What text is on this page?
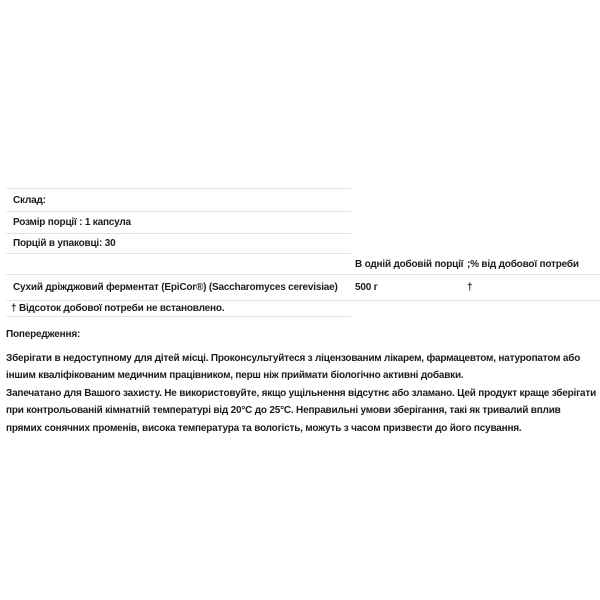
Склад:
Розмір порції : 1 капсула
Порцій в упаковці: 30
В одній добовій порції ;% від добової потреби
Сухий дріжджовий ферментат (EpiCor®) (Saccharomyces cerevisiae) 500 г	†
† Відсоток добової потреби не встановлено.

Попередження:

Зберігати в недоступному для дітей місці. Проконсультуйтеся з ліцензованим лікарем, фармацевтом, натуропатом або іншим кваліфікованим медичним працівником, перш ніж приймати біологічно активні добавки.

Запечатано для Вашого захисту. Не використовуйте, якщо ущільнення відсутнє або зламано. Цей продукт краще зберігати при контрольованій кімнатній температурі від 20°C до 25°C. Неправильні умови зберігання, такі як тривалий вплив прямих сонячних променів, висока температура та вологість, можуть з часом призвести до його псування.
